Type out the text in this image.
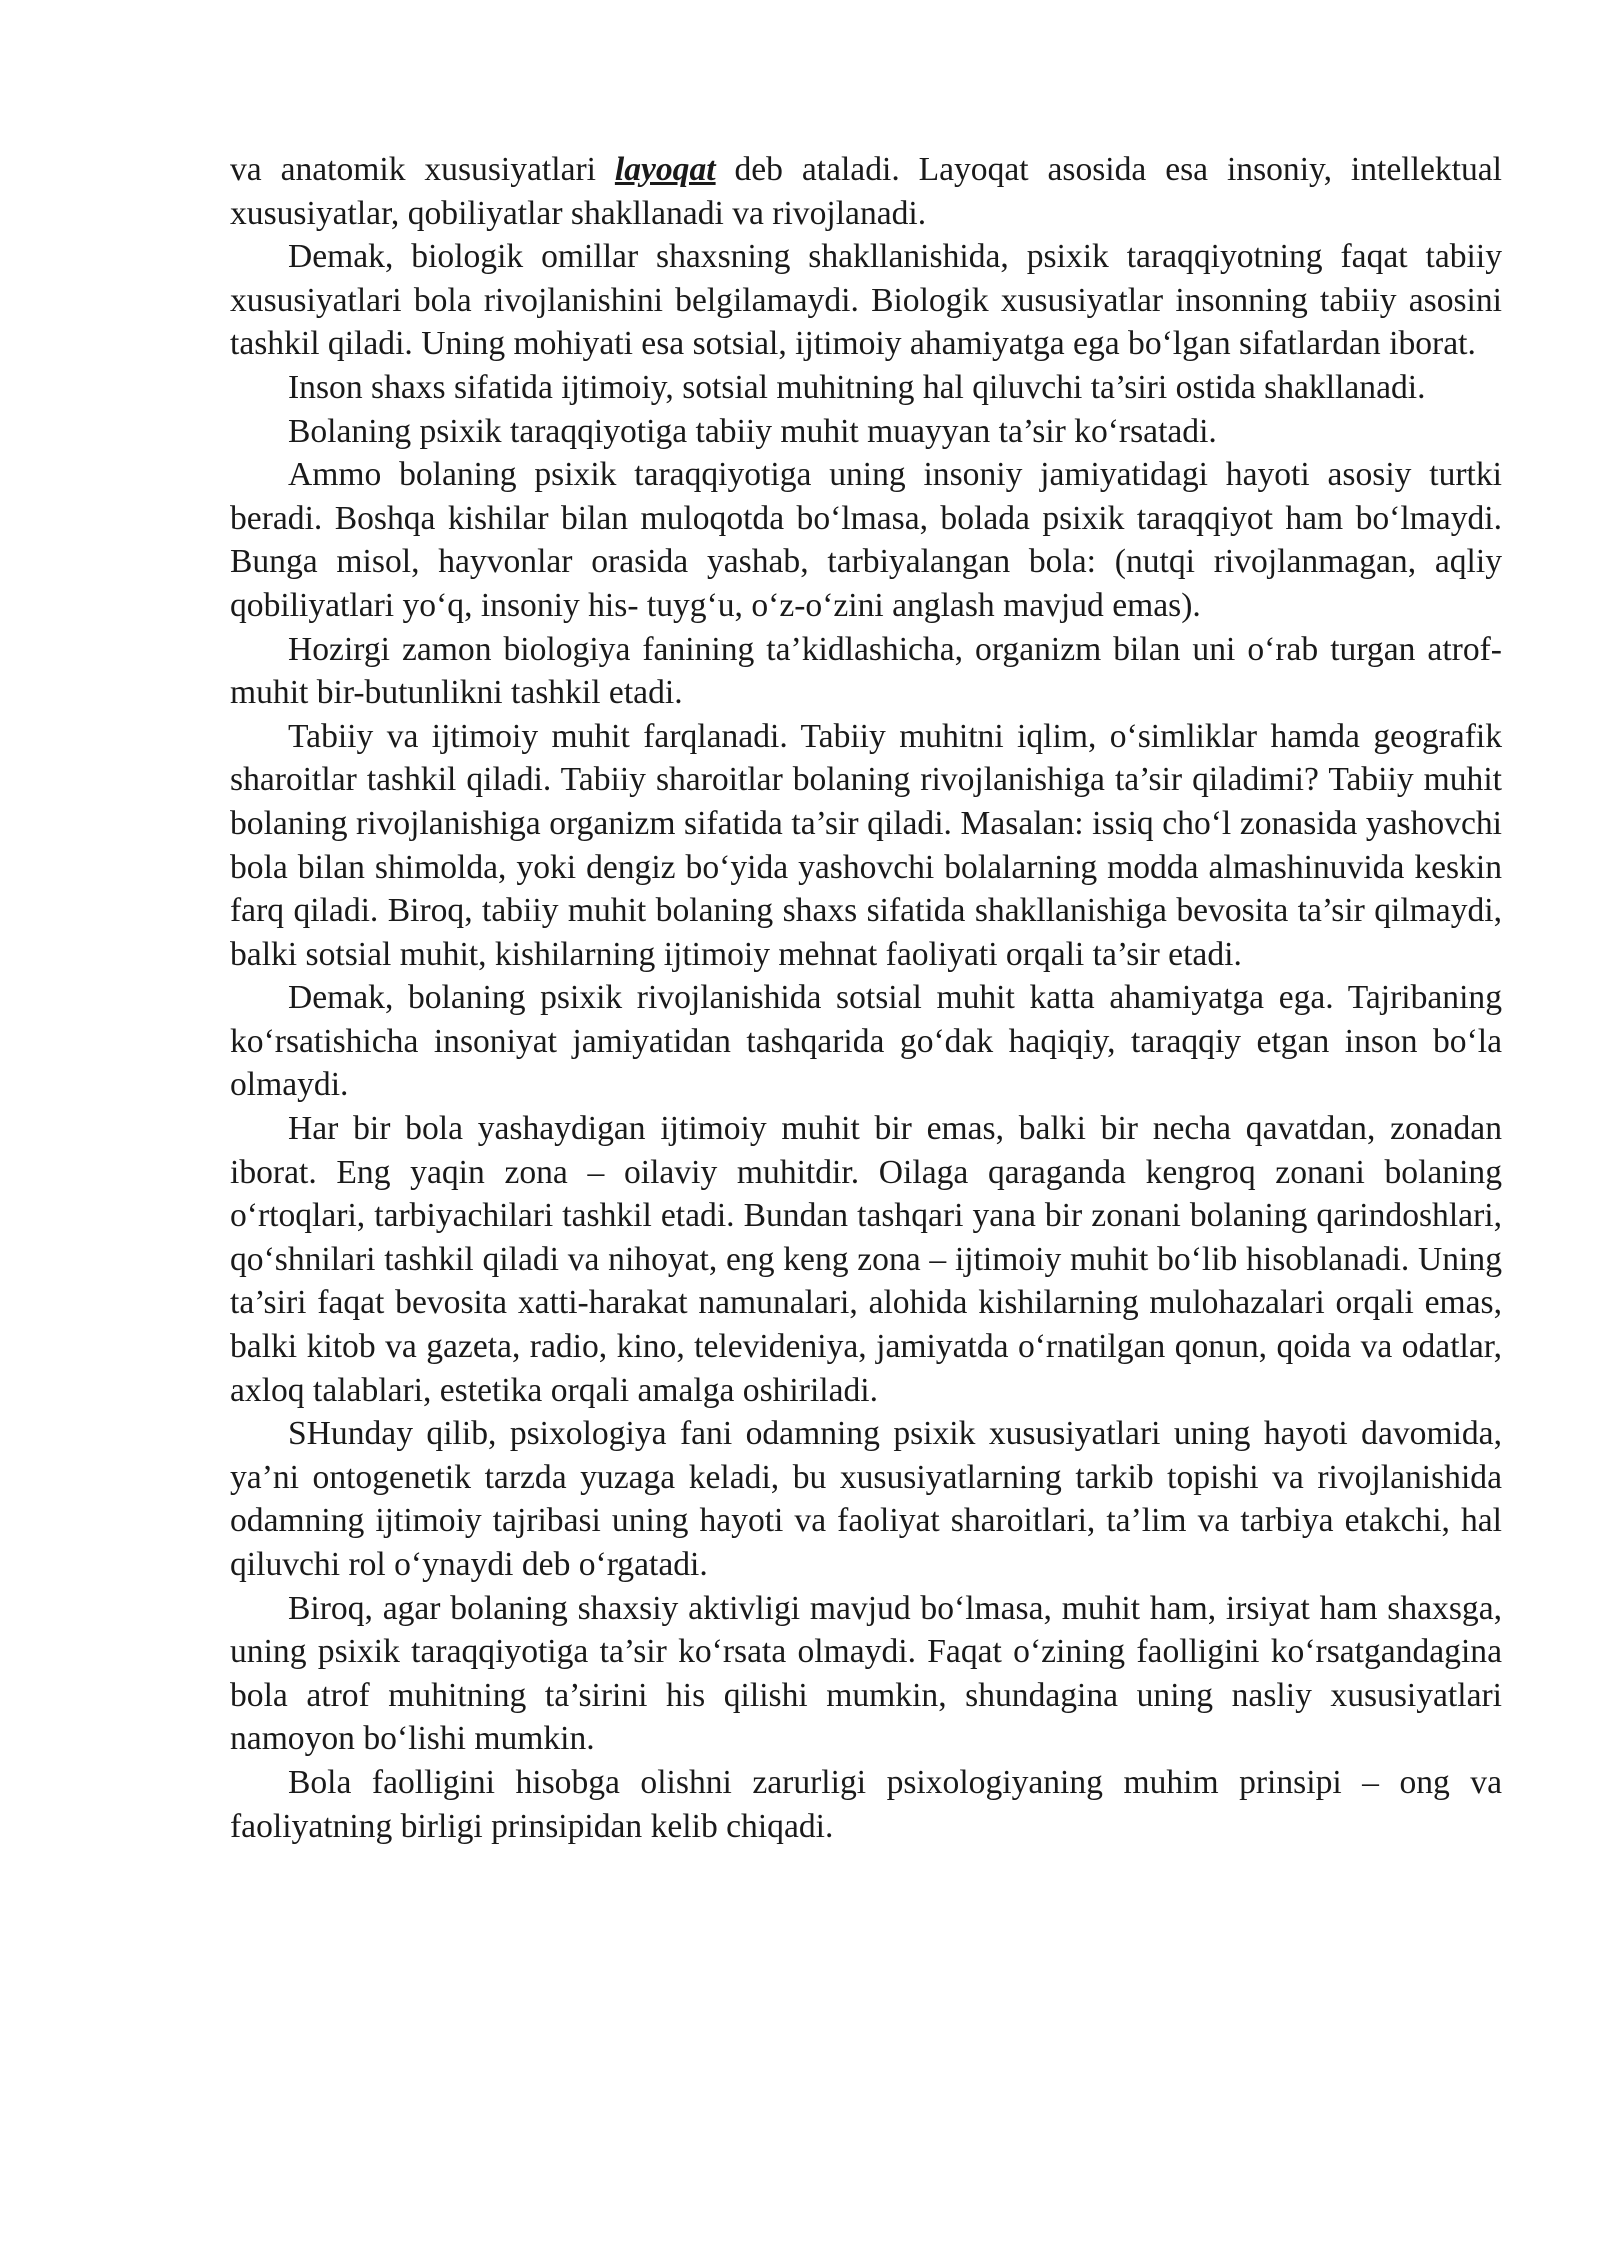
va anatomik xususiyatlari layoqat deb ataladi. Layoqat asosida esa insoniy, intellektual xususiyatlar, qobiliyatlar shakllanadi va rivojlanadi.

Demak, biologik omillar shaxsning shakllanishida, psixik taraqqiyotning faqat tabiiy xususiyatlari bola rivojlanishini belgilamaydi. Biologik xususiyatlar insonning tabiiy asosini tashkil qiladi. Uning mohiyati esa sotsial, ijtimoiy ahamiyatga ega bo‘lgan sifatlardan iborat.

Inson shaxs sifatida ijtimoiy, sotsial muhitning hal qiluvchi ta’siri ostida shakllanadi.

Bolaning psixik taraqqiyotiga tabiiy muhit muayyan ta’sir ko‘rsatadi.

Ammo bolaning psixik taraqqiyotiga uning insoniy jamiyatidagi hayoti asosiy turtki beradi. Boshqa kishilar bilan muloqotda bo‘lmasa, bolada psixik taraqqiyot ham bo‘lmaydi. Bunga misol, hayvonlar orasida yashab, tarbiyalangan bola: (nutqi rivojlanmagan, aqliy qobiliyatlari yo‘q, insoniy his- tuyg‘u, o‘z-o‘zini anglash mavjud emas).

Hozirgi zamon biologiya fanining ta’kidlashicha, organizm bilan uni o‘rab turgan atrof-muhit bir-butunlikni tashkil etadi.

Tabiiy va ijtimoiy muhit farqlanadi. Tabiiy muhitni iqlim, o‘simliklar hamda geografik sharoitlar tashkil qiladi. Tabiiy sharoitlar bolaning rivojlanishiga ta’sir qiladimi? Tabiiy muhit bolaning rivojlanishiga organizm sifatida ta’sir qiladi. Masalan: issiq cho‘l zonasida yashovchi bola bilan shimolda, yoki dengiz bo‘yida yashovchi bolalarning modda almashinuvida keskin farq qiladi. Biroq, tabiiy muhit bolaning shaxs sifatida shakllanishiga bevosita ta’sir qilmaydi, balki sotsial muhit, kishilarning ijtimoiy mehnat faoliyati orqali ta’sir etadi.

Demak, bolaning psixik rivojlanishida sotsial muhit katta ahamiyatga ega. Tajribaning ko‘rsatishicha insoniyat jamiyatidan tashqarida go‘dak haqiqiy, taraqqiy etgan inson bo‘la olmaydi.

Har bir bola yashaydigan ijtimoiy muhit bir emas, balki bir necha qavatdan, zonadan iborat. Eng yaqin zona – oilaviy muhitdir. Oilaga qaraganda kengroq zonani bolaning o‘rtoqlari, tarbiyachilari tashkil etadi. Bundan tashqari yana bir zonani bolaning qarindoshlari, qo‘shnilari tashkil qiladi va nihoyat, eng keng zona – ijtimoiy muhit bo‘lib hisoblanadi. Uning ta’siri faqat bevosita xatti-harakat namunalari, alohida kishilarning mulohazalari orqali emas, balki kitob va gazeta, radio, kino, televideniya, jamiyatda o‘rnatilgan qonun, qoida va odatlar, axloq talablari, estetika orqali amalga oshiriladi.

SHunday qilib, psixologiya fani odamning psixik xususiyatlari uning hayoti davomida, ya’ni ontogenetik tarzda yuzaga keladi, bu xususiyatlarning tarkib topishi va rivojlanishida odamning ijtimoiy tajribasi uning hayoti va faoliyat sharoitlari, ta’lim va tarbiya etakchi, hal qiluvchi rol o‘ynaydi deb o‘rgatadi.

Biroq, agar bolaning shaxsiy aktivligi mavjud bo‘lmasa, muhit ham, irsiyat ham shaxsga, uning psixik taraqqiyotiga ta’sir ko‘rsata olmaydi. Faqat o‘zining faolligini ko‘rsatgandagina bola atrof muhitning ta’sirini his qilishi mumkin, shundagina uning nasliy xususiyatlari namoyon bo‘lishi mumkin.

Bola faolligini hisobga olishni zarurligi psixologiyaning muhim prinsipi – ong va faoliyatning birligi prinsipidan kelib chiqadi.
